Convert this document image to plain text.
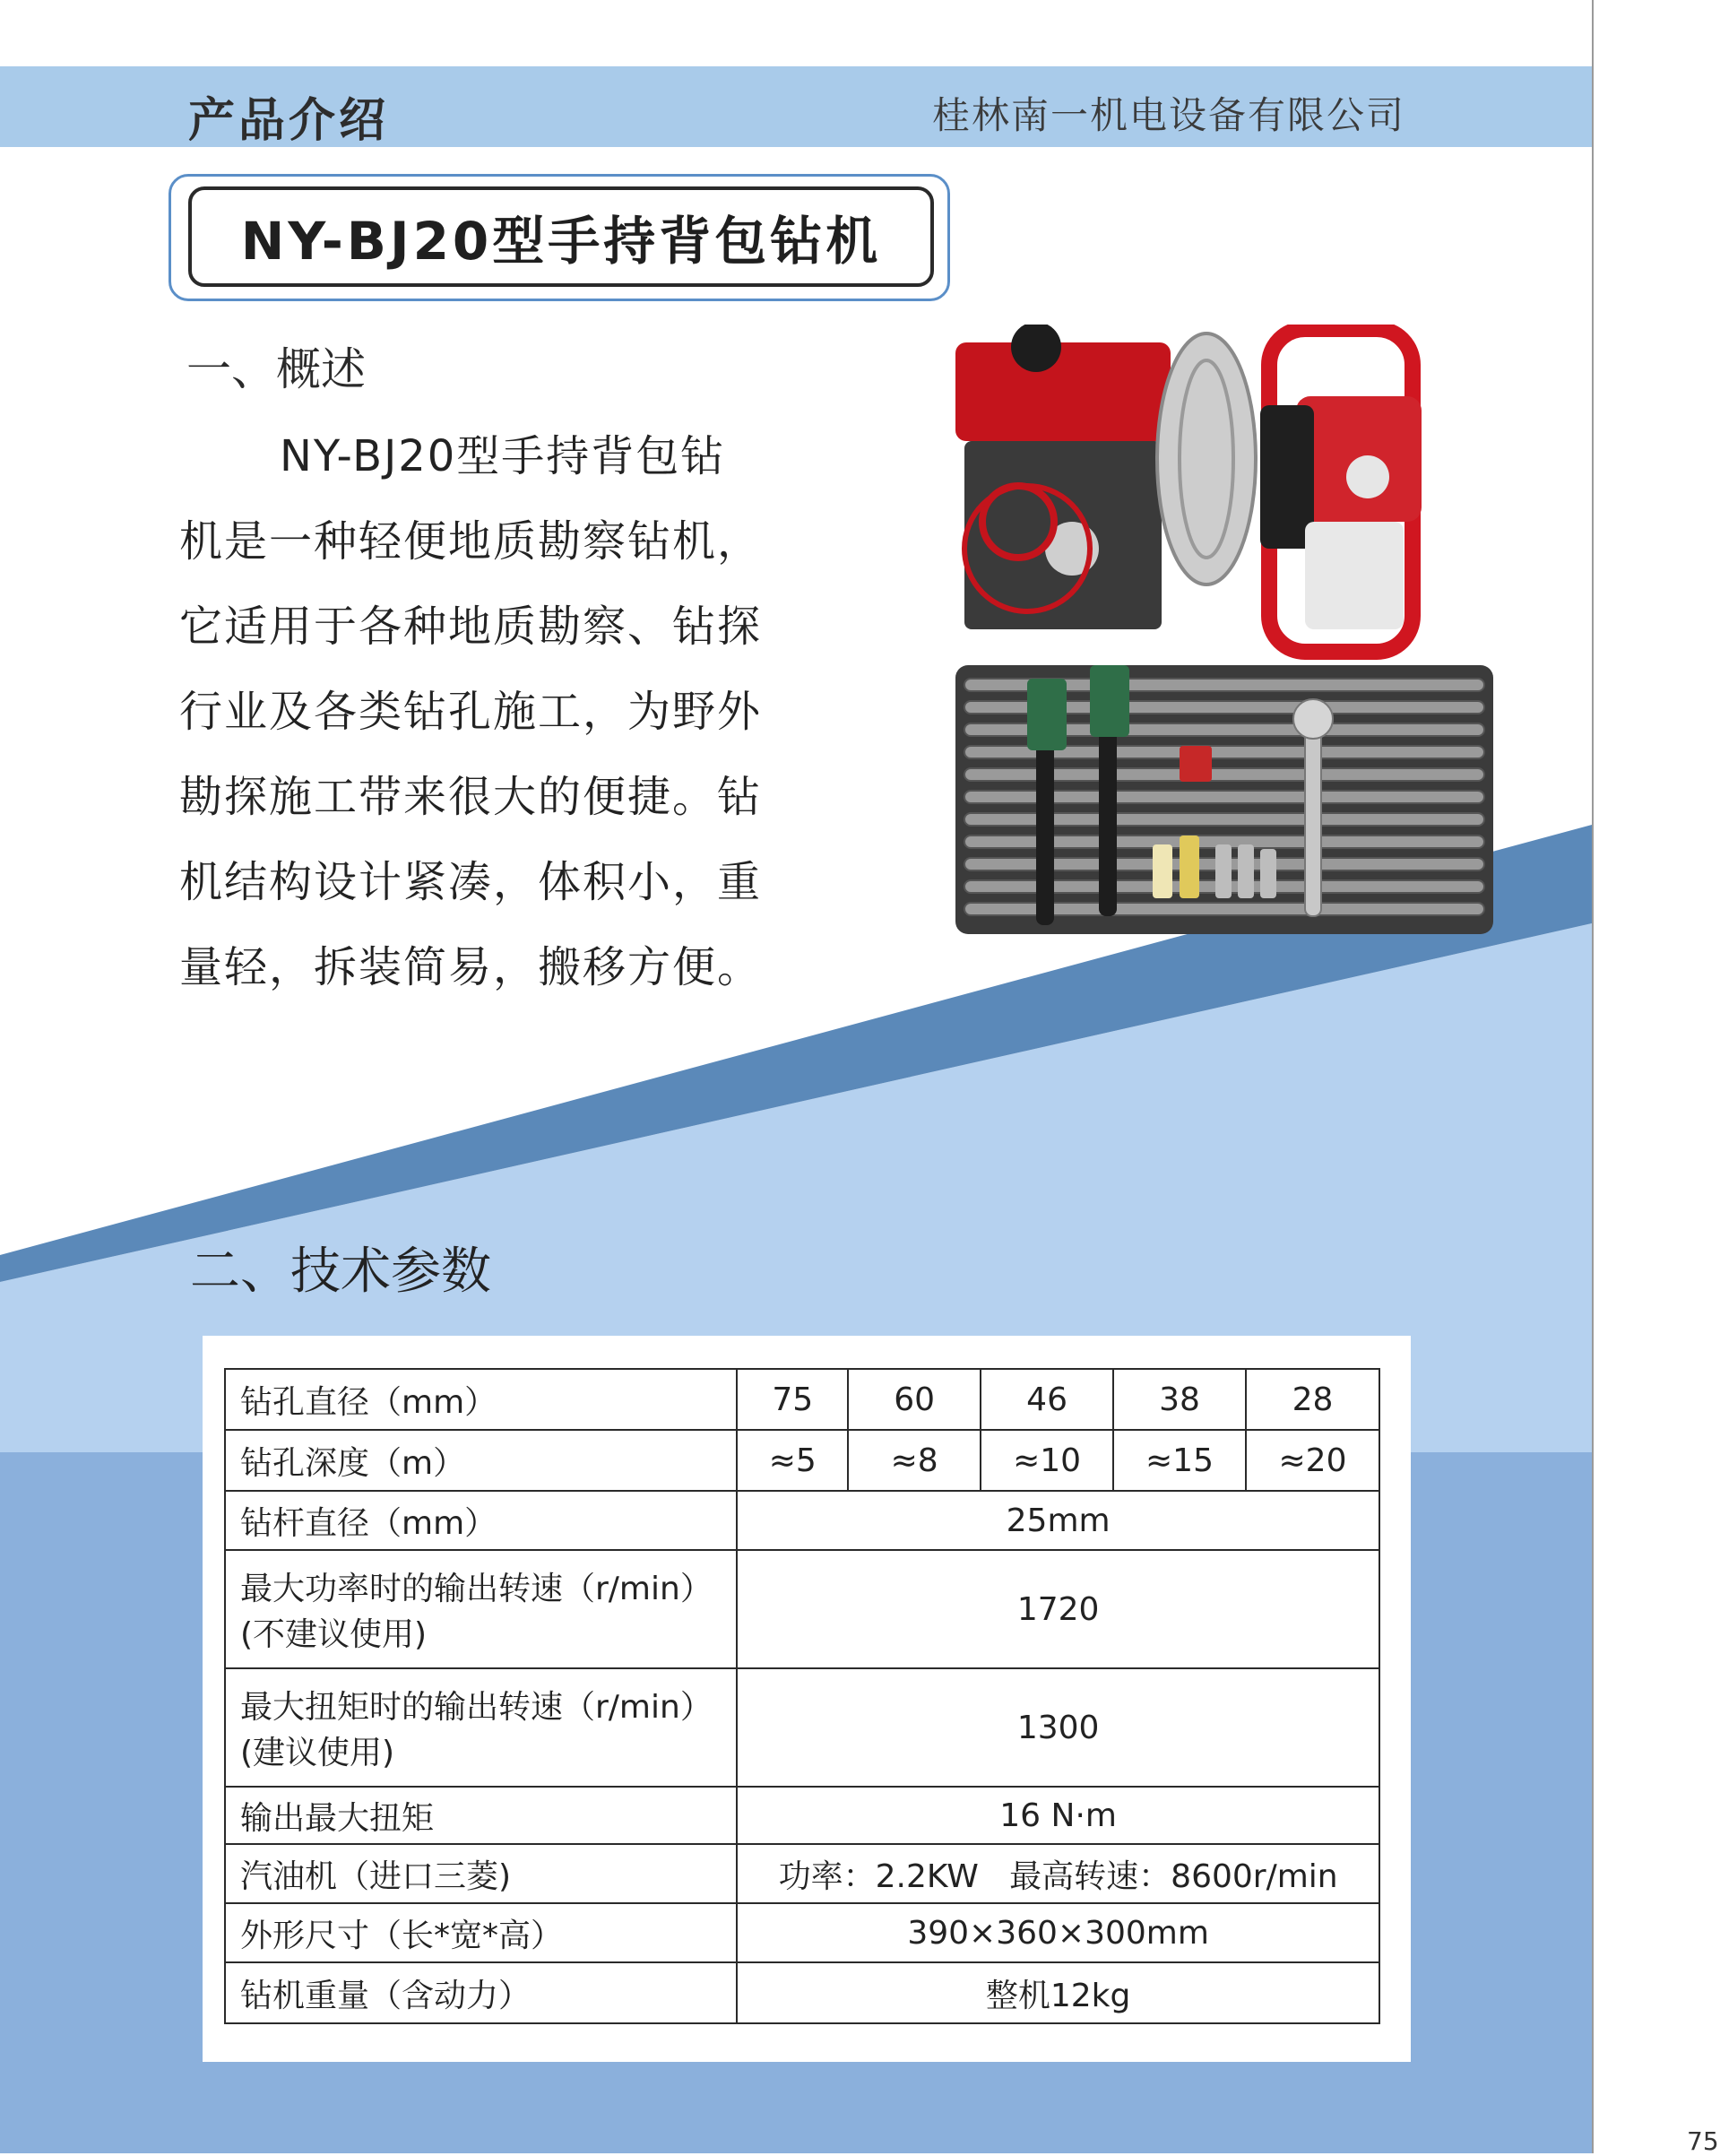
产品介绍	桂林南一机电设备有限公司
NY-BJ20型手持背包钻机
一、概述
NY-BJ20型手持背包钻
机是一种轻便地质勘察钻机，
它适用于各种地质勘察、钻探
行业及各类钻孔施工，为野外
勘探施工带来很大的便捷。钻
机结构设计紧凑，体积小，重
量轻，拆装简易，搬移方便。
二、技术参数
钻孔直径（mm）	75	60	46	38	28
钻孔深度（m）	≈5	≈8	≈10	≈15	≈20
钻杆直径（mm）	25mm				

最大功率时的输出转速（r/min）
(不建议使用)	1720				

最大扭矩时的输出转速（r/min）
(建议使用)	1300				
输出最大扭矩	16 N·m				
汽油机（进口三菱)	功率：2.2KW   最高转速：8600r/min				
外形尺寸（长*宽*高）	390×360×300mm				
钻机重量（含动力）	整机12kg				
75
